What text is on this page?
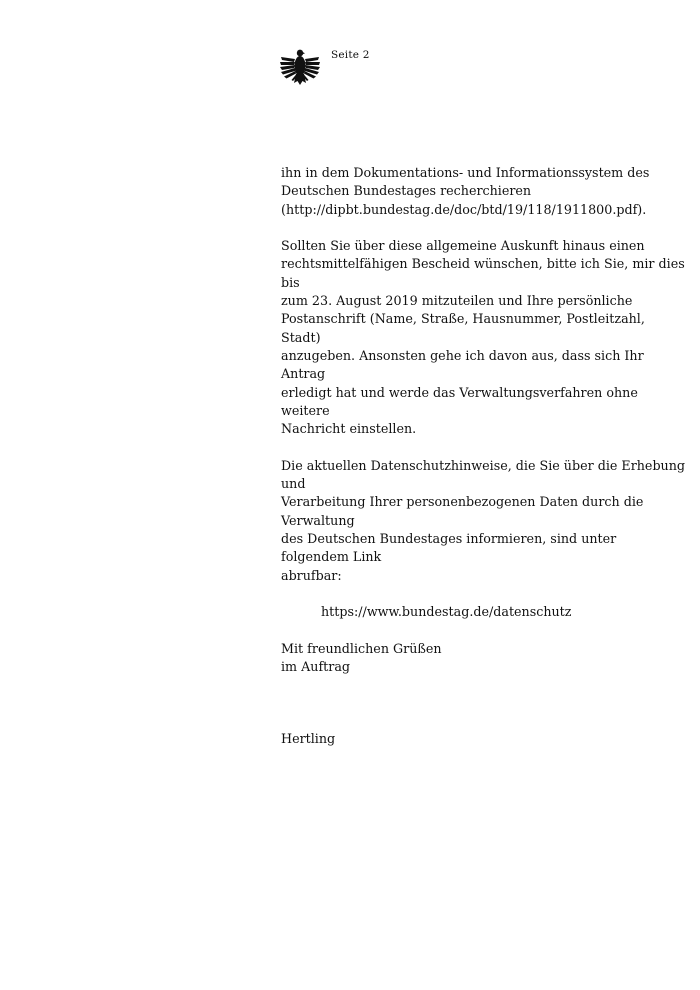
Seite 2

ihn in dem Dokumentations- und Informationssystem des
Deutschen Bundestages recherchieren
(http://dipbt.bundestag.de/doc/btd/19/118/1911800.pdf).

Sollten Sie über diese allgemeine Auskunft hinaus einen
rechtsmittelfähigen Bescheid wünschen, bitte ich Sie, mir dies bis
zum 23. August 2019 mitzuteilen und Ihre persönliche
Postanschrift (Name, Straße, Hausnummer, Postleitzahl, Stadt)
anzugeben. Ansonsten gehe ich davon aus, dass sich Ihr Antrag
erledigt hat und werde das Verwaltungsverfahren ohne weitere
Nachricht einstellen.

Die aktuellen Datenschutzhinweise, die Sie über die Erhebung und
Verarbeitung Ihrer personenbezogenen Daten durch die Verwaltung
des Deutschen Bundestages informieren, sind unter folgendem Link
abrufbar:

https://www.bundestag.de/datenschutz

Mit freundlichen Grüßen
im Auftrag

Hertling
